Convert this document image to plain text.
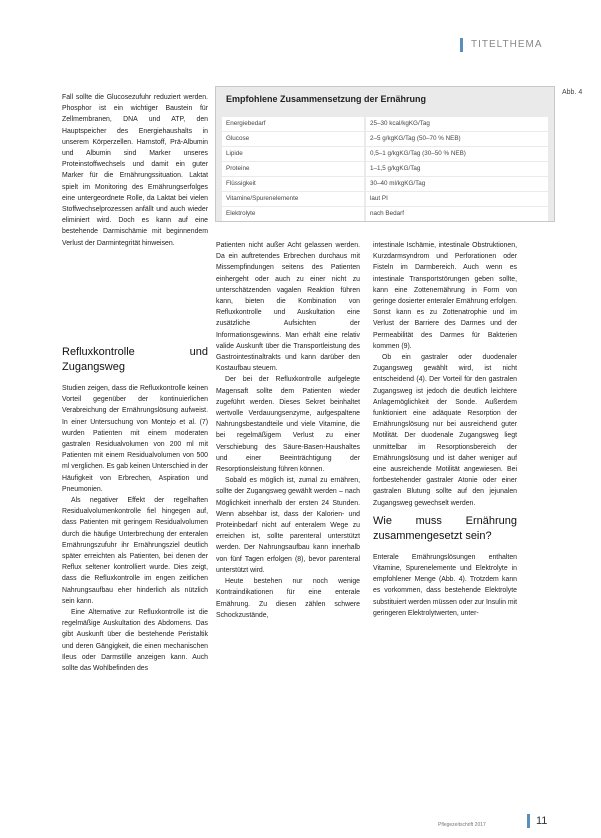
TITELTHEMA
Abb. 4
Empfohlene Zusammensetzung der Ernährung
Energiebedarf	25–30 kcal/kgKG/Tag
Glucose	2–5 g/kgKG/Tag (50–70 % NEB)
Lipide	0,5–1 g/kgKG/Tag (30–50 % NEB)
Proteine	1–1,5 g/kgKG/Tag
Flüssigkeit	30–40 ml/kgKG/Tag
Vitamine/Spurenelemente	laut PI
Elektrolyte	nach Bedarf

Fall sollte die Glucosezufuhr reduziert werden. Phosphor ist ein wichtiger Baustein für Zellmembranen, DNA und ATP, den Hauptspeicher des Energiehaushalts in unserem Körperzellen. Harnstoff, Prä-Albumin und Albumin sind Marker unseres Proteinstoffwechsels und damit ein guter Marker für die Ernährungssituation. Laktat spielt im Monitoring des Ernährungserfolges eine untergeordnete Rolle, da Laktat bei vielen Stoffwechselprozessen anfällt und auch wieder eliminiert wird. Doch es kann auf eine bestehende Darmischämie mit beginnendem Verlust der Darmintegrität hinweisen.

Refluxkontrolle und Zugangsweg

Studien zeigen, dass die Refluxkontrolle keinen Vorteil gegenüber der kontinuierlichen Verabreichung der Ernährungslösung aufweist. In einer Untersuchung von Montejo et al. (7) wurden Patienten mit einem moderaten gastralen Residualvolumen von 200 ml mit Patienten mit einem Residualvolumen von 500 ml verglichen. Es gab keinen Unterschied in der Häufigkeit von Erbrechen, Aspiration und Pneumonien.

Als negativer Effekt der regelhaften Residualvolumenkontrolle fiel hingegen auf, dass Patienten mit geringem Residualvolumen durch die häufige Unterbrechung der enteralen Ernährungszufuhr ihr Ernährungsziel deutlich später erreichten als Patienten, bei denen der Reflux seltener kontrolliert wurde. Dies zeigt, dass die Refluxkontrolle im engen zeitlichen Nahrungsaufbau eher hinderlich als nützlich sein kann.

Eine Alternative zur Refluxkontrolle ist die regelmäßige Auskultation des Abdomens. Das gibt Auskunft über die bestehende Peristaltik und deren Gängigkeit, die einen mechanischen Ileus oder Darmstille anzeigen kann. Auch sollte das Wohlbefinden des

Patienten nicht außer Acht gelassen werden. Da ein auftretendes Erbrechen durchaus mit Missempfindungen seitens des Patienten einhergeht oder auch zu einer nicht zu unterschätzenden vagalen Reaktion führen kann, bieten die Kombination von Refluxkontrolle und Auskultation eine zusätzliche Aufsichten der Informationsgewinns. Man erhält eine relativ valide Auskunft über die Transportleistung des Gastrointestinaltrakts und kann darüber den Kostaufbau steuern.

Der bei der Refluxkontrolle aufgelegte Magensaft sollte dem Patienten wieder zugeführt werden. Dieses Sekret beinhaltet wertvolle Verdauungsenzyme, aufgespaltene Nahrungsbestandteile und viele Vitamine, die bei regelmäßigem Verlust zu einer Verschiebung des Säure-Basen-Haushaltes und einer Beeinträchtigung der Resorptionsleistung führen können.

Sobald es möglich ist, zumal zu ernähren, sollte der Zugangsweg gewählt werden – nach Möglichkeit innerhalb der ersten 24 Stunden. Wenn absehbar ist, dass der Kalorien- und Proteinbedarf nicht auf enteralem Wege zu erreichen ist, sollte parenteral unterstützt werden. Der Nahrungsaufbau kann innerhalb von fünf Tagen erfolgen (8), bevor parenteral unterstützt wird.

Heute bestehen nur noch wenige Kontraindikationen für eine enterale Ernährung. Zu diesen zählen schwere Schockzustände,

intestinale Ischämie, intestinale Obstruktionen, Kurzdarmsyndrom und Perforationen oder Fisteln im Darmbereich. Auch wenn es intestinale Transportstörungen geben sollte, kann eine Zottenernährung in Form von geringe dosierter enteraler Ernährung erfolgen. Sonst kann es zu Zottenatrophie und im Verlust der Barriere des Darmes und der Permeabilität des Darmes für Bakterien kommen (9).

Ob ein gastraler oder duodenaler Zugangsweg gewählt wird, ist nicht entscheidend (4). Der Vorteil für den gastralen Zugangsweg ist jedoch die deutlich leichtere Anlagemöglichkeit der Sonde. Außerdem funktioniert eine adäquate Resorption der Ernährungslösung nur bei ausreichend guter Motilität. Der duodenale Zugangsweg liegt unmittelbar im Resorptionsbereich der Ernährungslösung und ist daher weniger auf eine ausreichende Motilität angewiesen. Bei fortbestehender gastraler Atonie oder einer gastralen Blutung sollte auf den jejunalen Zugangsweg gewechselt werden.

Wie muss Ernährung zusammengesetzt sein?

Enterale Ernährungslösungen enthalten Vitamine, Spurenelemente und Elektrolyte in empfohlener Menge (Abb. 4). Trotzdem kann es vorkommen, dass bestehende Elektrolyte substituiert werden müssen oder zur Insulin mit geringeren Elektrolytwerten, unter-

Pflegezeitschrift 2017	11
